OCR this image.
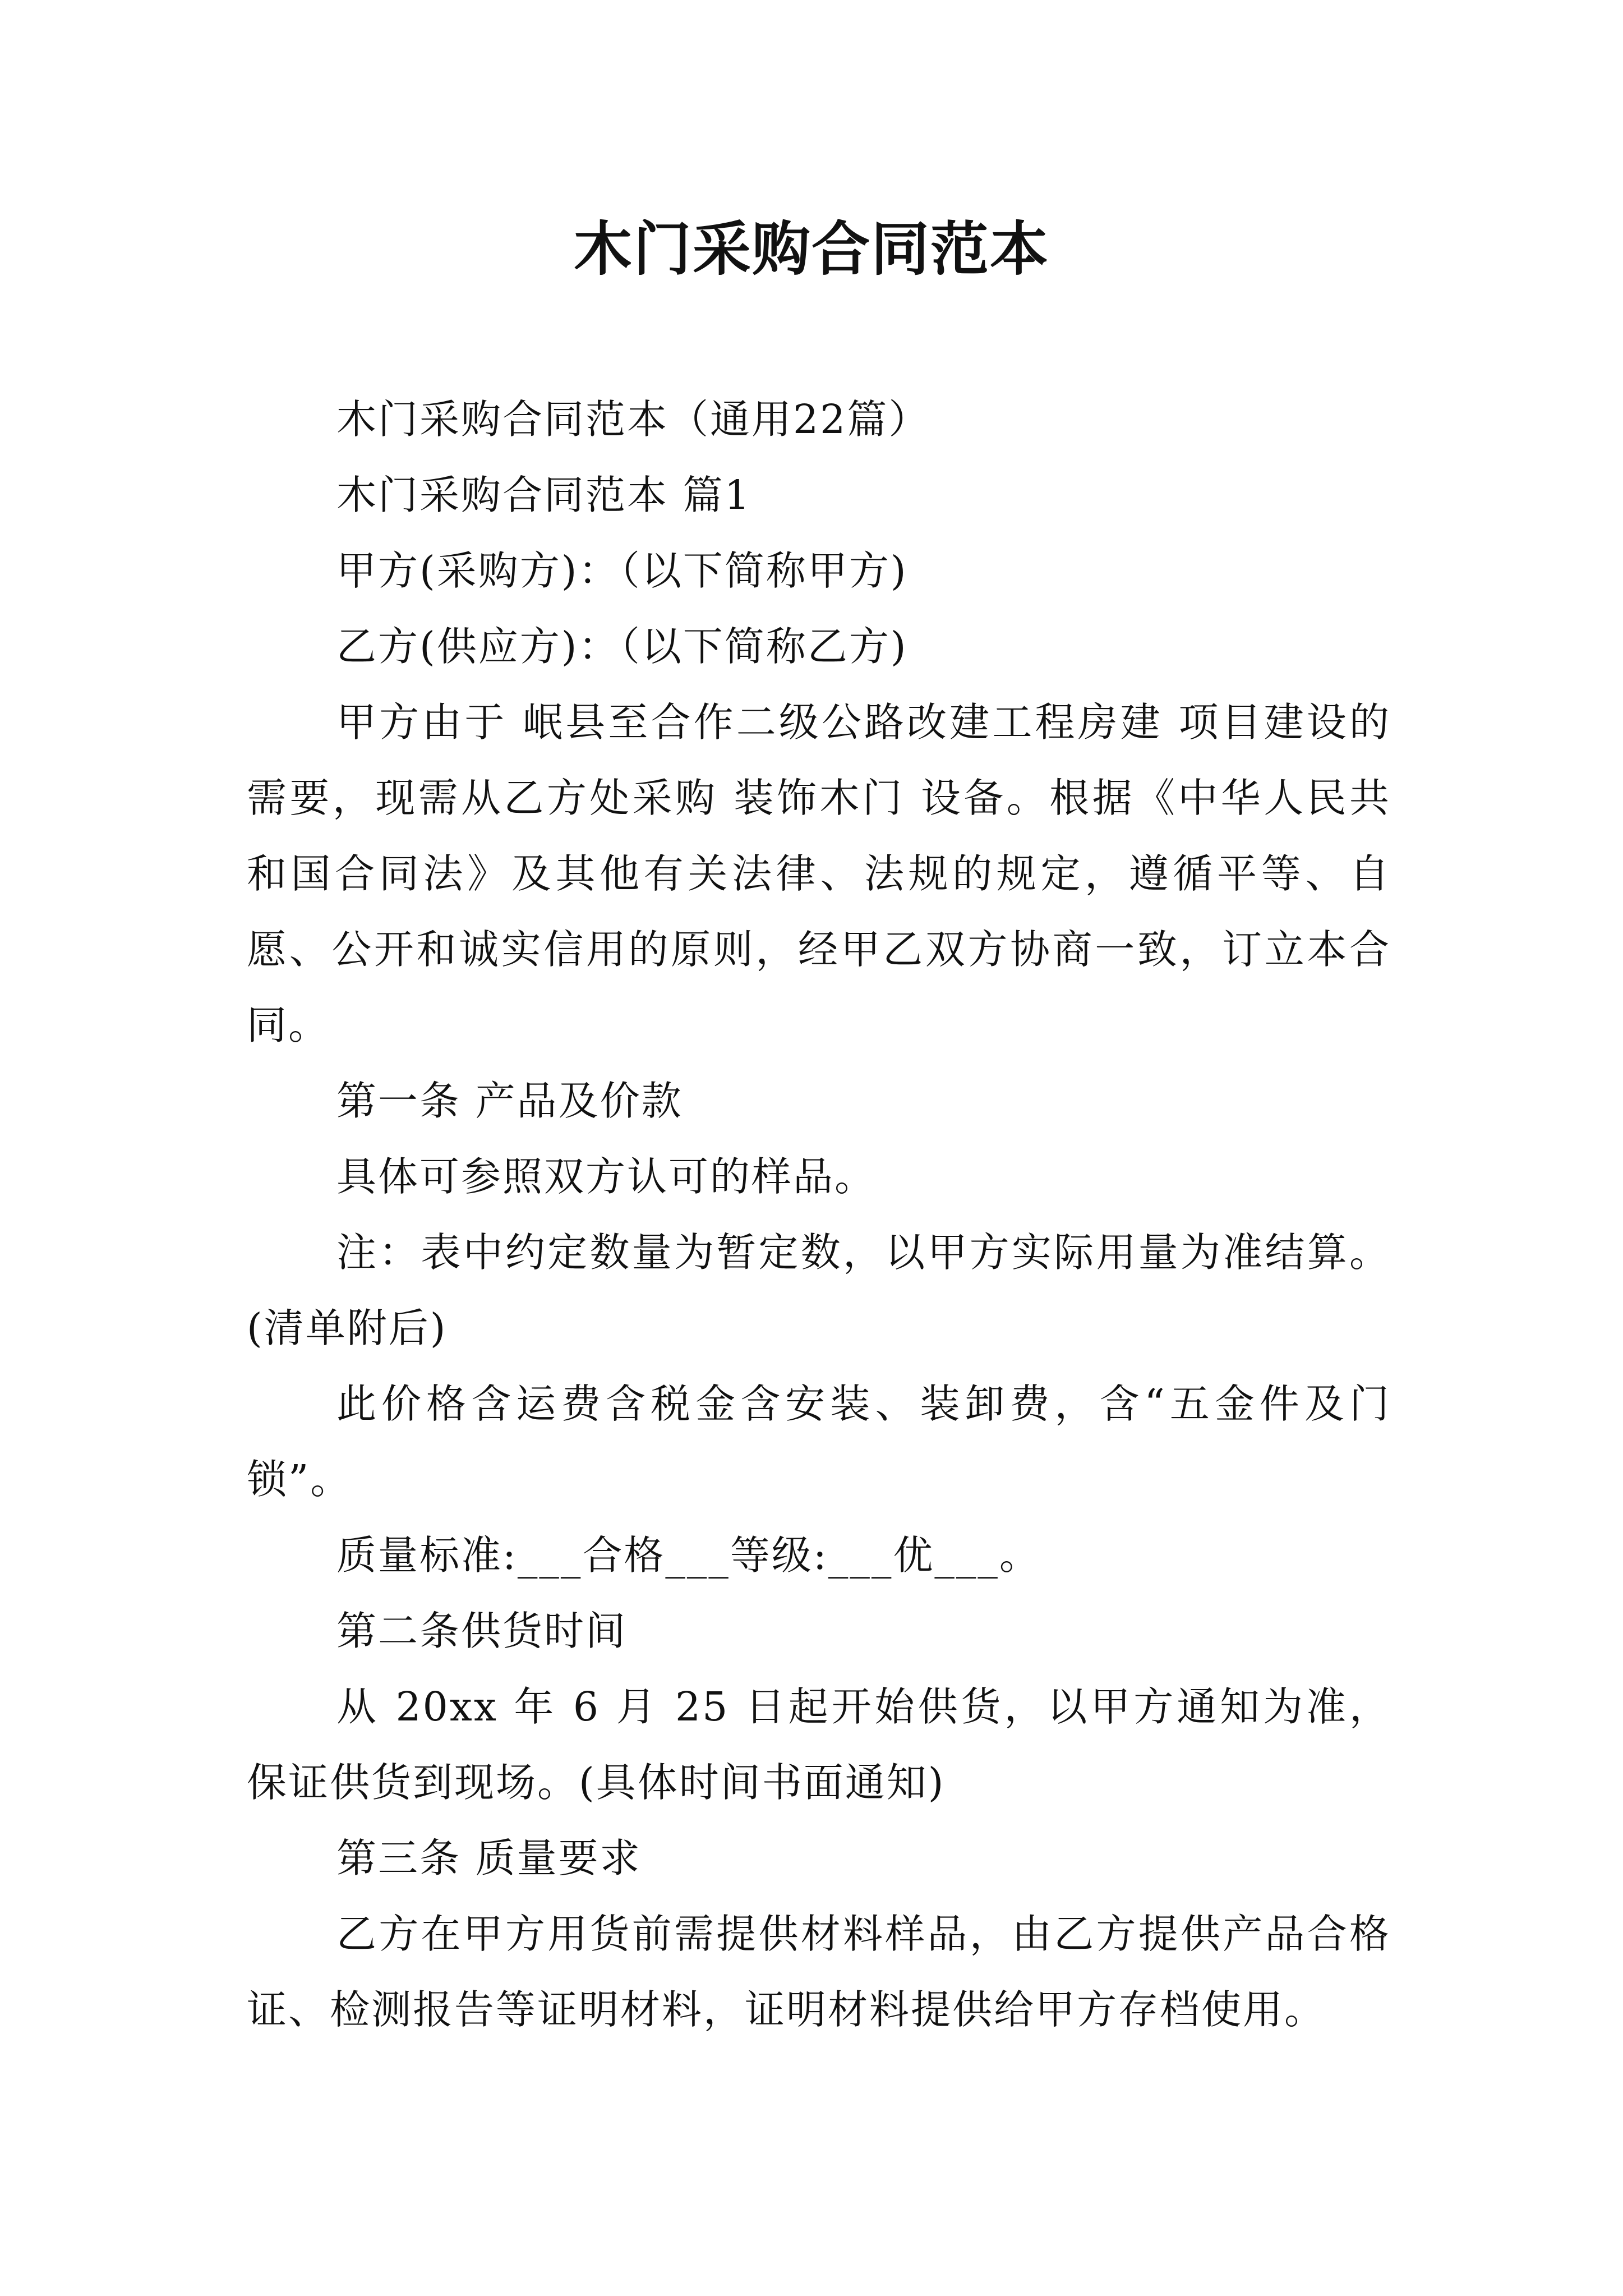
木门采购合同范本

木门采购合同范本（通用22篇）

木门采购合同范本 篇1

甲方(采购方)：（以下简称甲方)

乙方(供应方)：（以下简称乙方)

甲方由于 岷县至合作二级公路改建工程房建 项目建设的需要，现需从乙方处采购 装饰木门 设备。根据《中华人民共和国合同法》及其他有关法律、法规的规定，遵循平等、自愿、公开和诚实信用的原则，经甲乙双方协商一致，订立本合同。

第一条 产品及价款

具体可参照双方认可的样品。

注：表中约定数量为暂定数，以甲方实际用量为准结算。(清单附后)

此价格含运费含税金含安装、装卸费，含“五金件及门锁”。

质量标准:___合格___等级:___优___。

第二条供货时间

从 20xx 年 6 月 25 日起开始供货，以甲方通知为准，保证供货到现场。(具体时间书面通知)

第三条 质量要求

乙方在甲方用货前需提供材料样品，由乙方提供产品合格证、检测报告等证明材料，证明材料提供给甲方存档使用。
